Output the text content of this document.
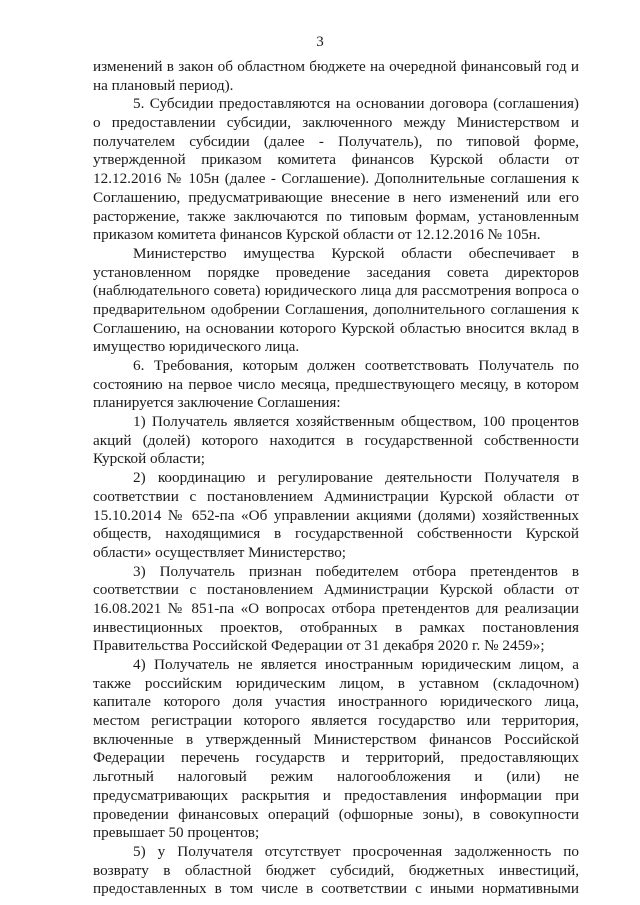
3
изменений в закон об областном бюджете на очередной финансовый год и
на плановый период).
5. Субсидии предоставляются на основании договора (соглашения)
о предоставлении субсидии, заключенного между Министерством и
получателем субсидии (далее - Получатель), по типовой форме,
утвержденной приказом комитета финансов Курской области от
12.12.2016 № 105н (далее - Соглашение). Дополнительные соглашения к
Соглашению, предусматривающие внесение в него изменений или его
расторжение, также заключаются по типовым формам, установленным
приказом комитета финансов Курской области от 12.12.2016 № 105н.
Министерство имущества Курской области обеспечивает в
установленном порядке проведение заседания совета директоров
(наблюдательного совета) юридического лица для рассмотрения вопроса о
предварительном одобрении Соглашения, дополнительного соглашения к
Соглашению, на основании которого Курской областью вносится вклад в
имущество юридического лица.
6. Требования, которым должен соответствовать Получатель по
состоянию на первое число месяца, предшествующего месяцу, в котором
планируется заключение Соглашения:
1) Получатель является хозяйственным обществом, 100 процентов
акций (долей) которого находится в государственной собственности
Курской области;
2) координацию и регулирование деятельности Получателя в
соответствии с постановлением Администрации Курской области от
15.10.2014 № 652-па «Об управлении акциями (долями) хозяйственных
обществ, находящимися в государственной собственности Курской
области» осуществляет Министерство;
3) Получатель признан победителем отбора претендентов в
соответствии с постановлением Администрации Курской области от
16.08.2021 № 851-па «О вопросах отбора претендентов для реализации
инвестиционных проектов, отобранных в рамках постановления
Правительства Российской Федерации от 31 декабря 2020 г. № 2459»;
4) Получатель не является иностранным юридическим лицом, а
также российским юридическим лицом, в уставном (складочном)
капитале которого доля участия иностранного юридического лица,
местом регистрации которого является государство или территория,
включенные в утвержденный Министерством финансов Российской
Федерации перечень государств и территорий, предоставляющих
льготный налоговый режим налогообложения и (или) не
предусматривающих раскрытия и предоставления информации при
проведении финансовых операций (офшорные зоны), в совокупности
превышает 50 процентов;
5) у Получателя отсутствует просроченная задолженность по
возврату в областной бюджет субсидий, бюджетных инвестиций,
предоставленных в том числе в соответствии с иными нормативными
